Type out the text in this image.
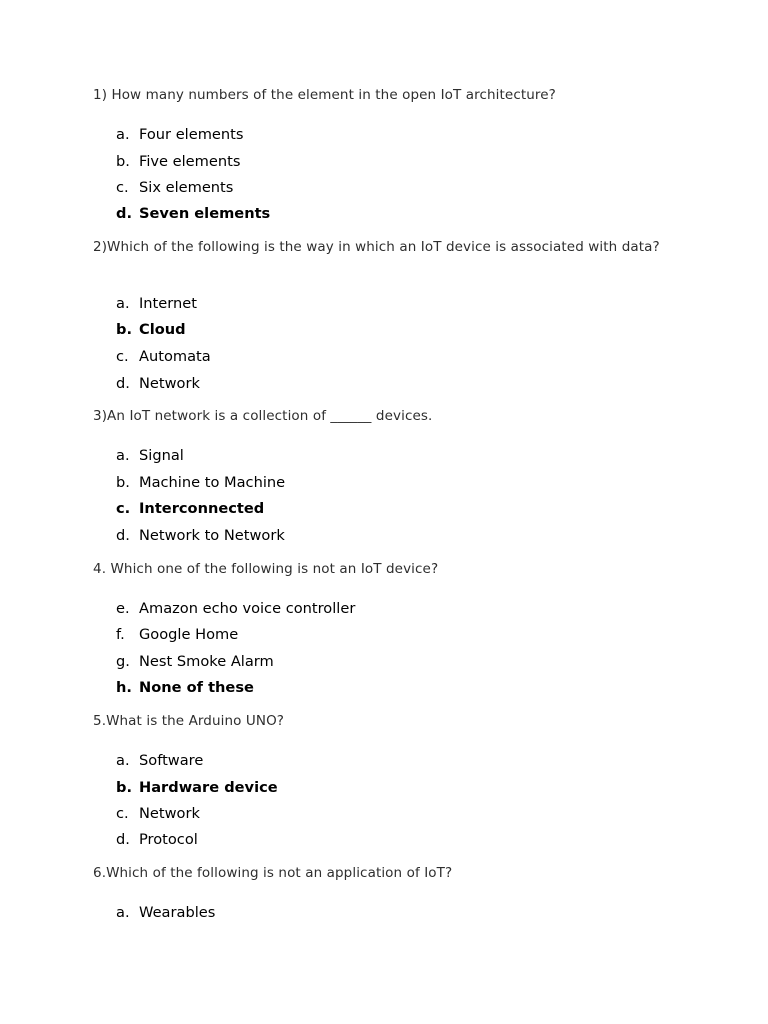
1) How many numbers of the element in the open IoT architecture?
a. Four elements
b. Five elements
c. Six elements
d. Seven elements
2)Which of the following is the way in which an IoT device is associated with data?
a. Internet
b. Cloud
c. Automata
d. Network
3)An IoT network is a collection of ______ devices.
a. Signal
b. Machine to Machine
c. Interconnected
d. Network to Network
4. Which one of the following is not an IoT device?
e. Amazon echo voice controller
f. Google Home
g. Nest Smoke Alarm
h. None of these
5.What is the Arduino UNO?
a. Software
b. Hardware device
c. Network
d. Protocol
6.Which of the following is not an application of IoT?
a. Wearables
